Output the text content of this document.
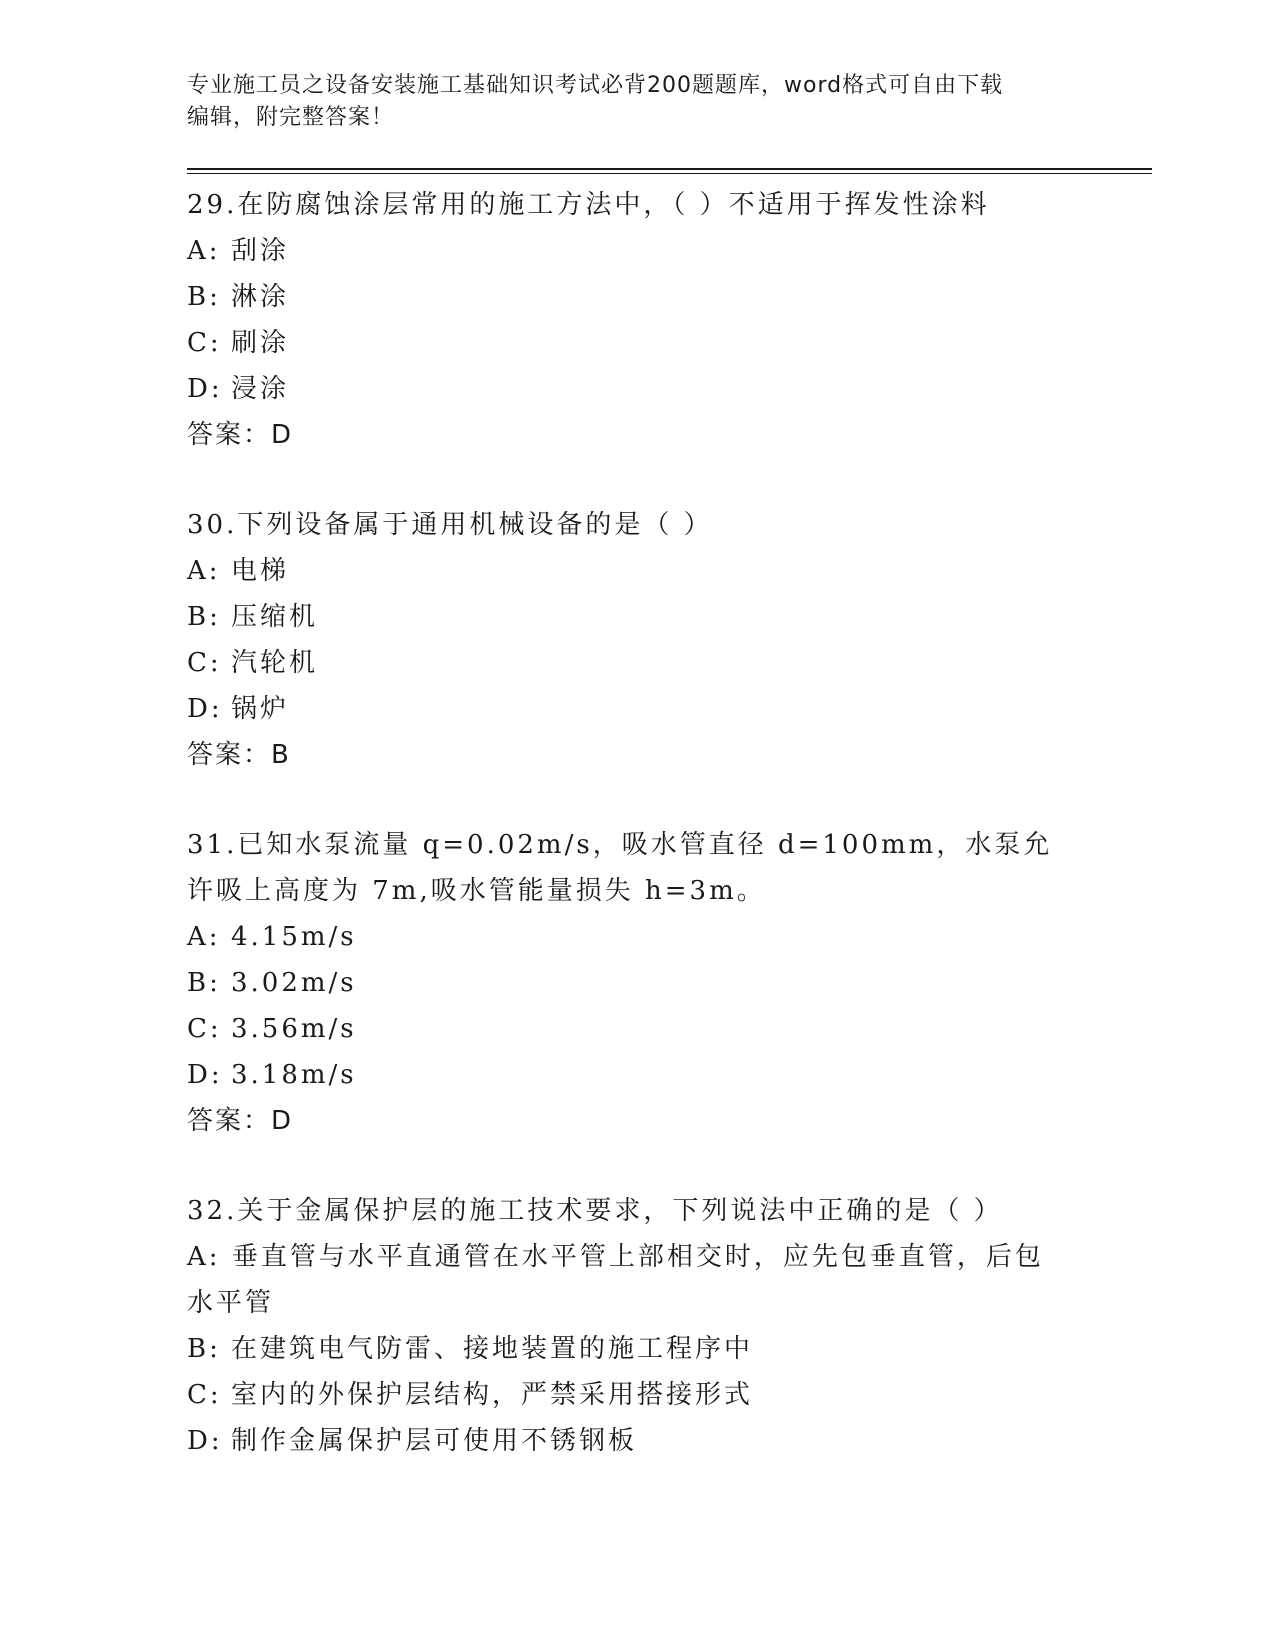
专业施工员之设备安装施工基础知识考试必背200题题库，word格式可自由下载
编辑，附完整答案！

29.在防腐蚀涂层常用的施工方法中，（ ）不适用于挥发性涂料

A: 刮涂

B: 淋涂

C: 刷涂

D: 浸涂

答案：D

30.下列设备属于通用机械设备的是（ ）

A: 电梯

B: 压缩机

C: 汽轮机

D: 锅炉

答案：B

31.已知水泵流量 q=0.02m/s，吸水管直径 d=100mm，水泵允许吸上高度为 7m,吸水管能量损失 h=3m。

A: 4.15m/s

B: 3.02m/s

C: 3.56m/s

D: 3.18m/s

答案：D

32.关于金属保护层的施工技术要求，下列说法中正确的是（ ）

A: 垂直管与水平直通管在水平管上部相交时，应先包垂直管，后包水平管

B: 在建筑电气防雷、接地装置的施工程序中

C: 室内的外保护层结构，严禁采用搭接形式

D: 制作金属保护层可使用不锈钢板
